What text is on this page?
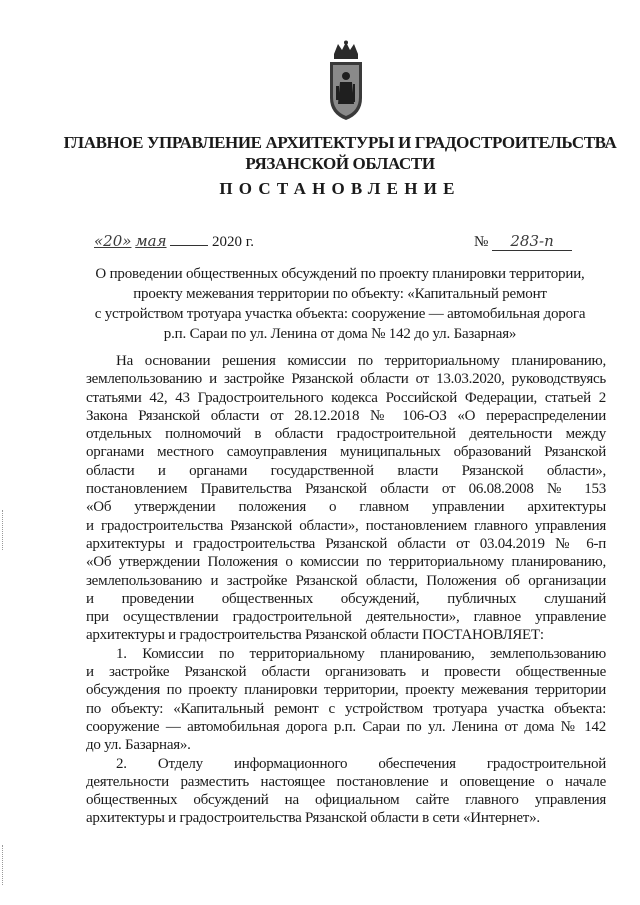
ГЛАВНОЕ УПРАВЛЕНИЕ АРХИТЕКТУРЫ И ГРАДОСТРОИТЕЛЬСТВА
РЯЗАНСКОЙ ОБЛАСТИ
ПОСТАНОВЛЕНИЕ
«20» мая	2020 г.	№ 283-п
О проведении общественных обсуждений по проекту планировки территории,
проекту межевания территории по объекту: «Капитальный ремонт
с устройством тротуара участка объекта: сооружение — автомобильная дорога
р.п. Сараи по ул. Ленина от дома № 142 до ул. Базарная»
На основании решения комиссии по территориальному планированию,
землепользованию и застройке Рязанской области от 13.03.2020, руководствуясь
статьями 42, 43 Градостроительного кодекса Российской Федерации, статьей 2
Закона Рязанской области от 28.12.2018 № 106-ОЗ «О перераспределении
отдельных полномочий в области градостроительной деятельности между
органами местного самоуправления муниципальных образований Рязанской
области и органами государственной власти Рязанской области»,
постановлением Правительства Рязанской области от 06.08.2008 № 153
«Об утверждении положения о главном управлении архитектуры
и градостроительства Рязанской области», постановлением главного управления
архитектуры и градостроительства Рязанской области от 03.04.2019 № 6-п
«Об утверждении Положения о комиссии по территориальному планированию,
землепользованию и застройке Рязанской области, Положения об организации
и проведении общественных обсуждений, публичных слушаний
при осуществлении градостроительной деятельности», главное управление
архитектуры и градостроительства Рязанской области ПОСТАНОВЛЯЕТ:
1. Комиссии по территориальному планированию, землепользованию
и застройке Рязанской области организовать и провести общественные
обсуждения по проекту планировки территории, проекту межевания территории
по объекту: «Капитальный ремонт с устройством тротуара участка объекта:
сооружение — автомобильная дорога р.п. Сараи по ул. Ленина от дома № 142
до ул. Базарная».
2. Отделу информационного обеспечения градостроительной
деятельности разместить настоящее постановление и оповещение о начале
общественных обсуждений на официальном сайте главного управления
архитектуры и градостроительства Рязанской области в сети «Интернет».
